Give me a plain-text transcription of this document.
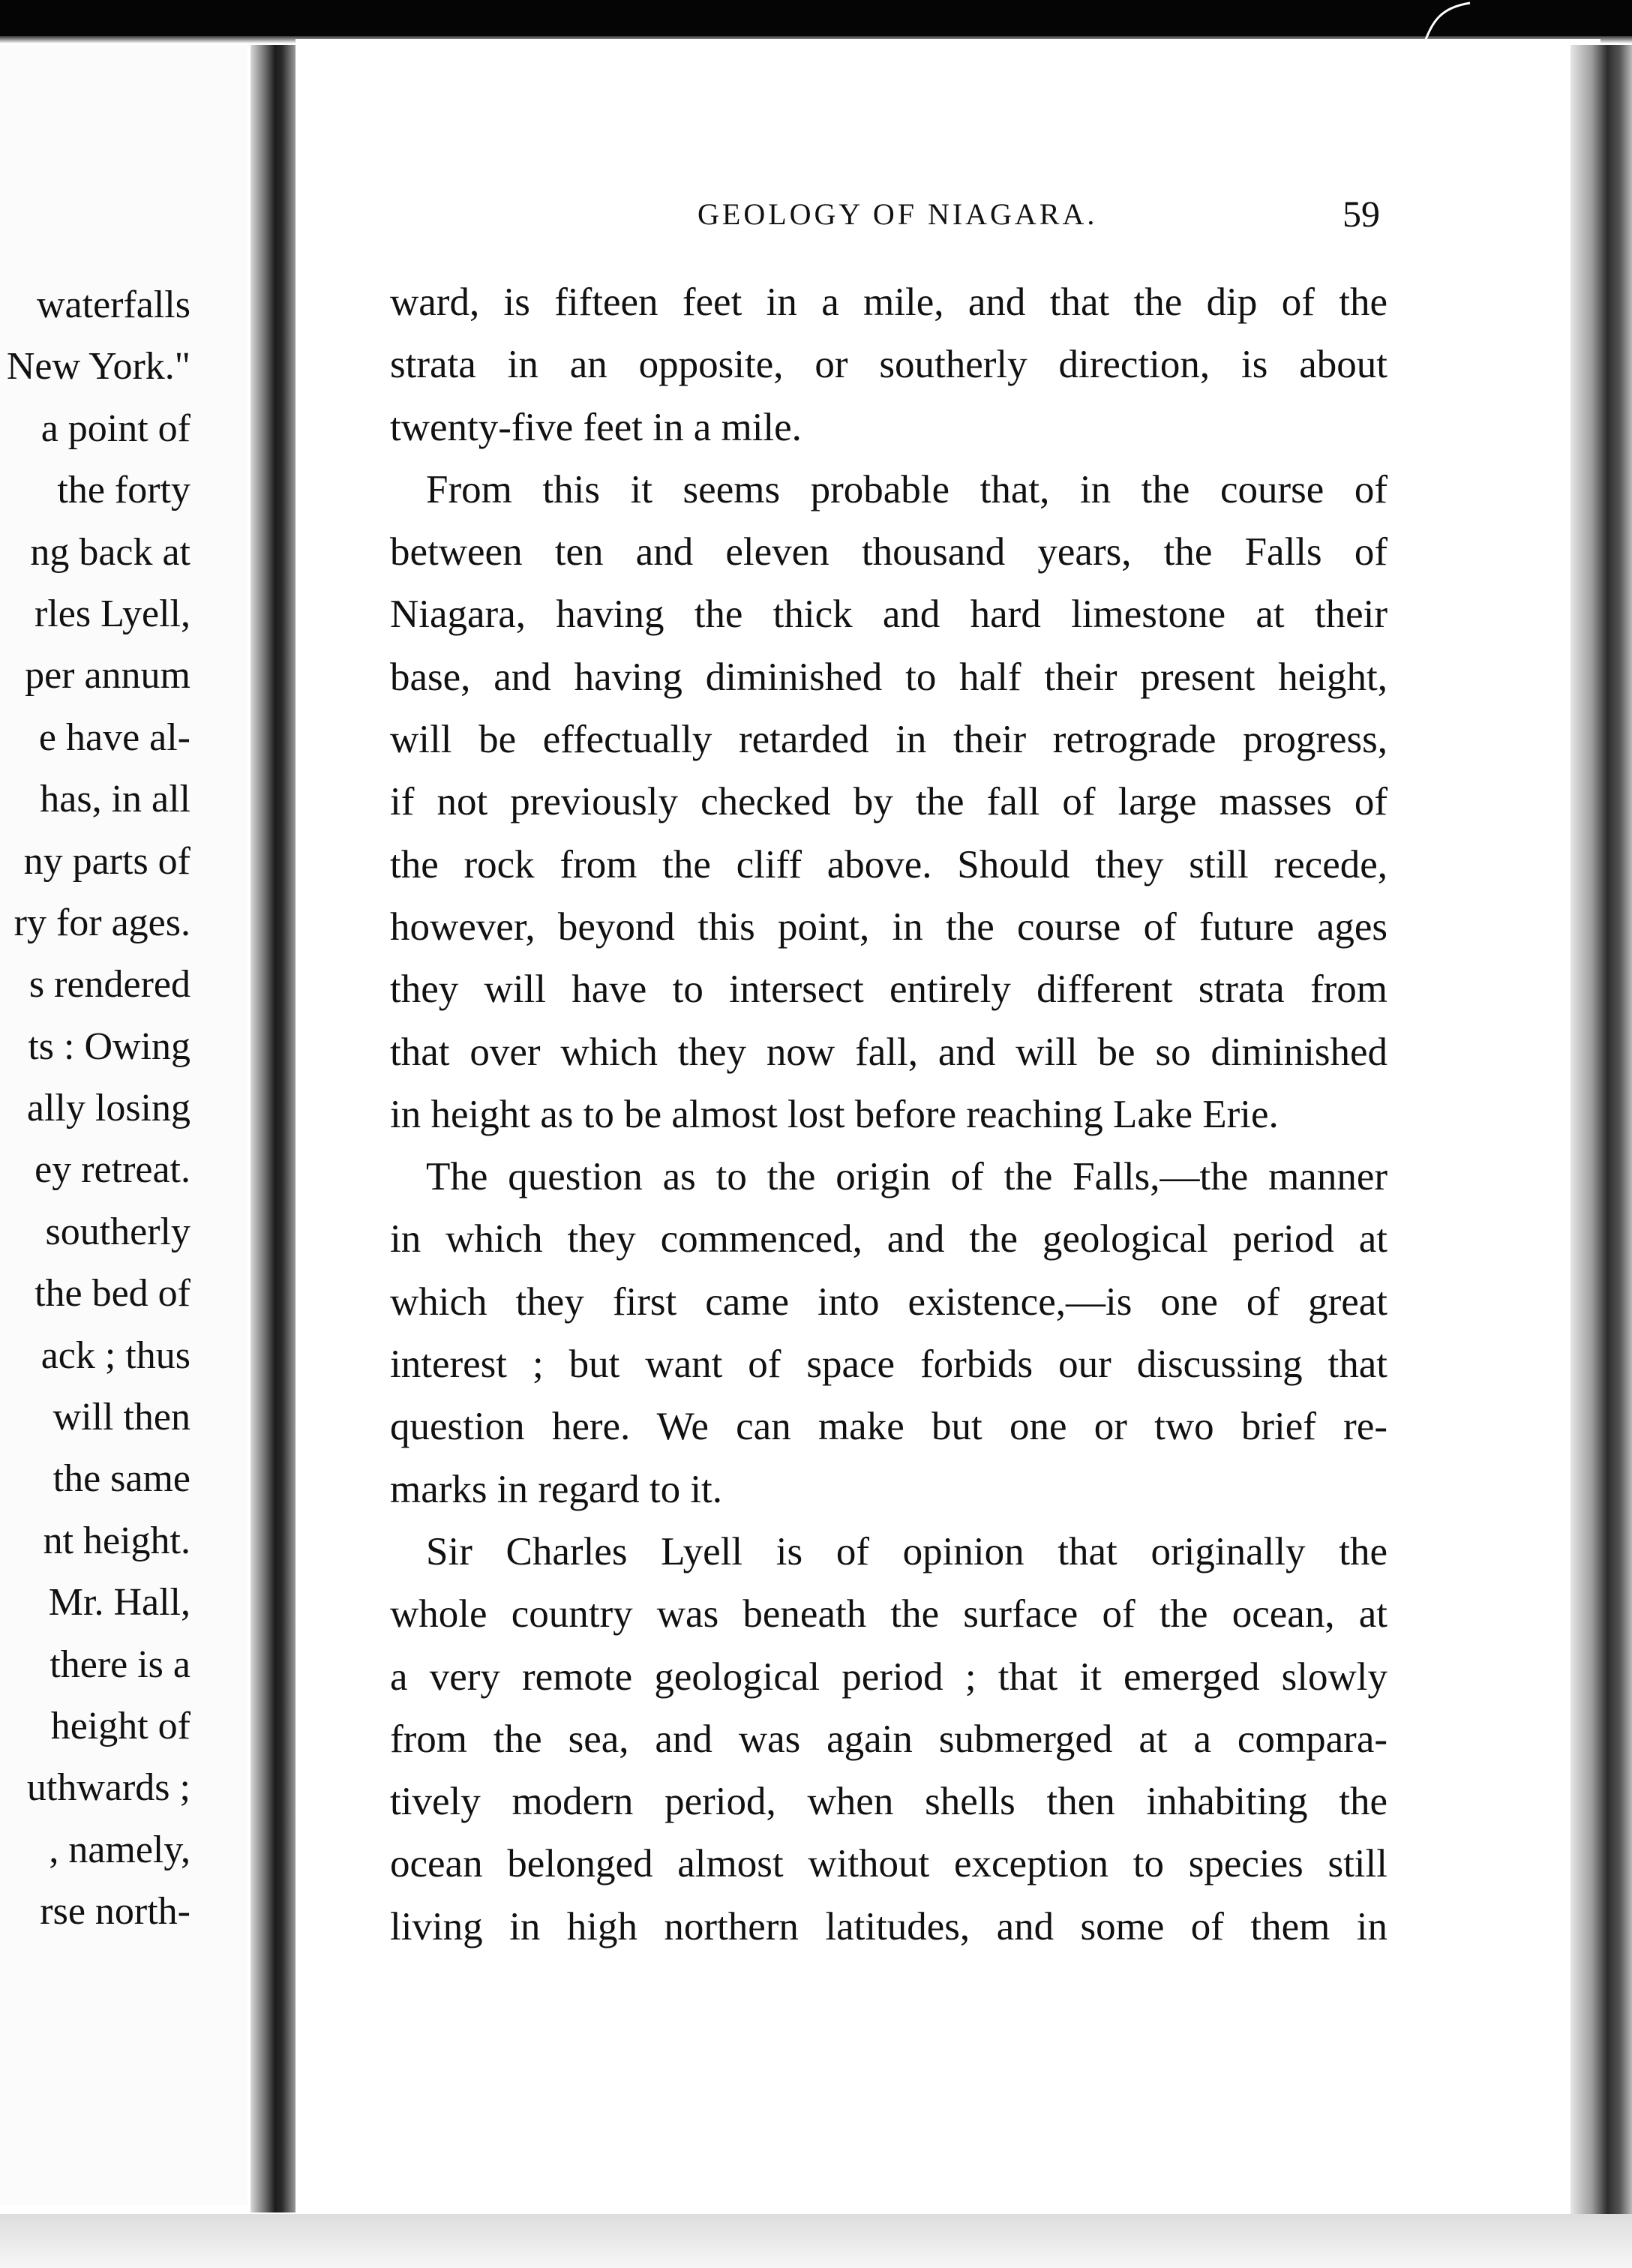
waterfalls
New York."
a point of
the forty
ng back at
rles Lyell,
per annum
e have al-
has, in all
ny parts of
ry for ages.
s rendered
ts : Owing
ally losing
ey retreat.
southerly
the bed of
ack ; thus
will then
the same
nt height.
Mr. Hall,
there is a
height of
uthwards ;
, namely,
rse north-
GEOLOGY OF NIAGARA.	59
ward, is fifteen feet in a mile, and that the dip of the
strata in an opposite, or southerly direction, is about
twenty-five feet in a mile.
From this it seems probable that, in the course of
between ten and eleven thousand years, the Falls of
Niagara, having the thick and hard limestone at their
base, and having diminished to half their present height,
will be effectually retarded in their retrograde progress,
if not previously checked by the fall of large masses of
the rock from the cliff above. Should they still recede,
however, beyond this point, in the course of future ages
they will have to intersect entirely different strata from
that over which they now fall, and will be so diminished
in height as to be almost lost before reaching Lake Erie.
The question as to the origin of the Falls,—the manner
in which they commenced, and the geological period at
which they first came into existence,—is one of great
interest ; but want of space forbids our discussing that
question here. We can make but one or two brief re-
marks in regard to it.
Sir Charles Lyell is of opinion that originally the
whole country was beneath the surface of the ocean, at
a very remote geological period ; that it emerged slowly
from the sea, and was again submerged at a compara-
tively modern period, when shells then inhabiting the
ocean belonged almost without exception to species still
living in high northern latitudes, and some of them in
